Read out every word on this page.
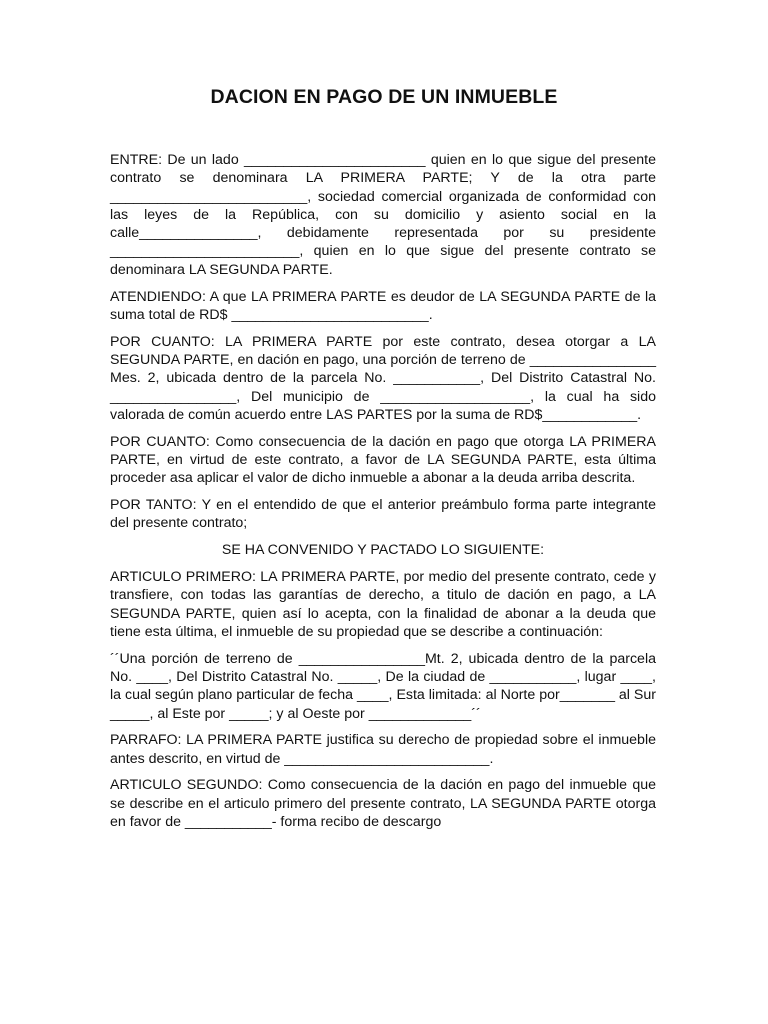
DACION EN PAGO DE UN INMUEBLE

ENTRE: De un lado _______________________ quien en lo que sigue del presente contrato se denominara LA PRIMERA PARTE; Y de la otra parte _________________________, sociedad comercial organizada de conformidad con las leyes de la República, con su domicilio y asiento social en la calle_______________, debidamente representada por su presidente ________________________, quien en lo que sigue del presente contrato se denominara LA SEGUNDA PARTE.

ATENDIENDO: A que LA PRIMERA PARTE es deudor de LA SEGUNDA PARTE de la suma total de RD$ _________________________.

POR CUANTO: LA PRIMERA PARTE por este contrato, desea otorgar a LA SEGUNDA PARTE, en dación en pago, una porción de terreno de ________________ Mes. 2, ubicada dentro de la parcela No. ___________, Del Distrito Catastral No. ________________, Del municipio de ___________________, la cual ha sido valorada de común acuerdo entre LAS PARTES por la suma de RD$____________.

POR CUANTO: Como consecuencia de la dación en pago que otorga LA PRIMERA PARTE, en virtud de este contrato, a favor de LA SEGUNDA PARTE, esta última proceder asa aplicar el valor de dicho inmueble a abonar a la deuda arriba descrita.

POR TANTO: Y en el entendido de que el anterior preámbulo forma parte integrante del presente contrato;

SE HA CONVENIDO Y PACTADO LO SIGUIENTE:

ARTICULO PRIMERO: LA PRIMERA PARTE, por medio del presente contrato, cede y transfiere, con todas las garantías de derecho, a titulo de dación en pago, a LA SEGUNDA PARTE, quien así lo acepta, con la finalidad de abonar a la deuda que tiene esta última, el inmueble de su propiedad que se describe a continuación:

´´Una porción de terreno de ________________Mt. 2, ubicada dentro de la parcela No. ____, Del Distrito Catastral No. _____, De la ciudad de ___________, lugar ____, la cual según plano particular de fecha ____, Esta limitada: al Norte por_______ al Sur _____, al Este por _____; y al Oeste por _____________´´

PARRAFO: LA PRIMERA PARTE justifica su derecho de propiedad sobre el inmueble antes descrito, en virtud de __________________________.

ARTICULO SEGUNDO: Como consecuencia de la dación en pago del inmueble que se describe en el articulo primero del presente contrato, LA SEGUNDA PARTE otorga en favor de ___________- forma recibo de descargo
